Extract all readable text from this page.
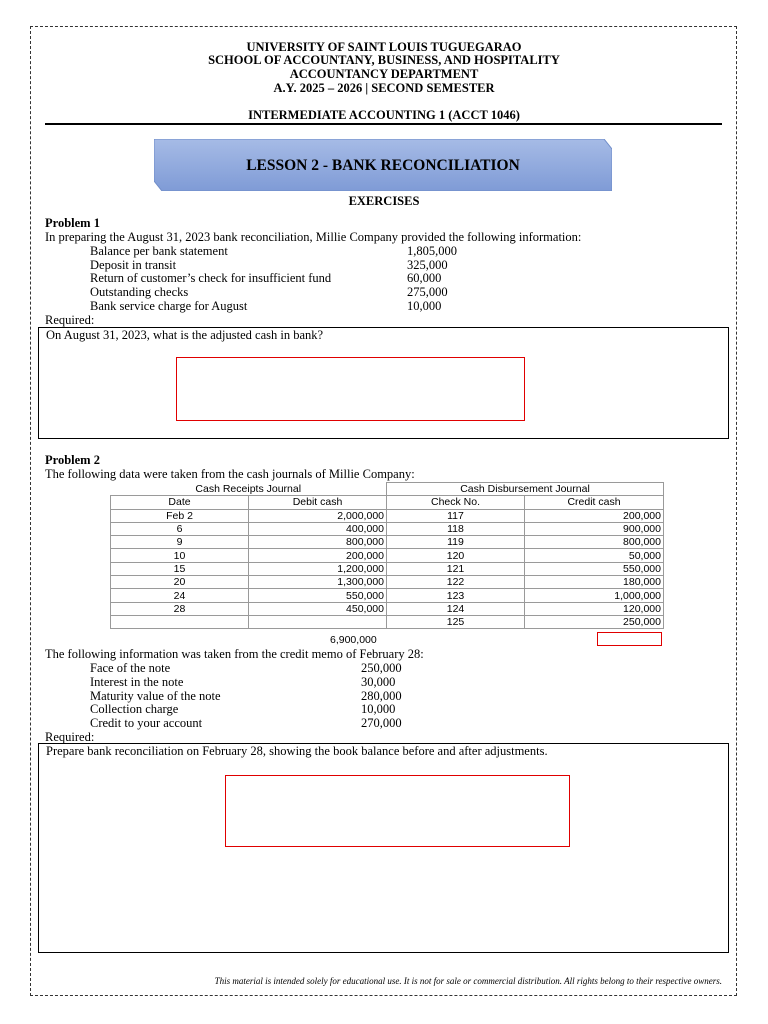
UNIVERSITY OF SAINT LOUIS TUGUEGARAO
SCHOOL OF ACCOUNTANY, BUSINESS, AND HOSPITALITY
ACCOUNTANCY DEPARTMENT
A.Y. 2025 – 2026 | SECOND SEMESTER
INTERMEDIATE ACCOUNTING 1 (ACCT 1046)
LESSON 2 - BANK RECONCILIATION
EXERCISES
Problem 1
In preparing the August 31, 2023 bank reconciliation, Millie Company provided the following information:
Balance per bank statement	1,805,000
Deposit in transit	325,000
Return of customer’s check for insufficient fund	60,000
Outstanding checks	275,000
Bank service charge for August	10,000
Required:
On August 31, 2023, what is the adjusted cash in bank?
Problem 2
The following data were taken from the cash journals of Millie Company:
Cash Receipts Journal		Cash Disbursement Journal	
Date	Debit cash	Check No.	Credit cash
Feb 2	2,000,000	117	200,000
6	400,000	118	900,000
9	800,000	119	800,000
10	200,000	120	50,000
15	1,200,000	121	550,000
20	1,300,000	122	180,000
24	550,000	123	1,000,000
28	450,000	124	120,000
		125	250,000
6,900,000
The following information was taken from the credit memo of February 28:
Face of the note	250,000
Interest in the note	30,000
Maturity value of the note	280,000
Collection charge	10,000
Credit to your account	270,000
Required:
Prepare bank reconciliation on February 28, showing the book balance before and after adjustments.
This material is intended solely for educational use. It is not for sale or commercial distribution. All rights belong to their respective owners.
